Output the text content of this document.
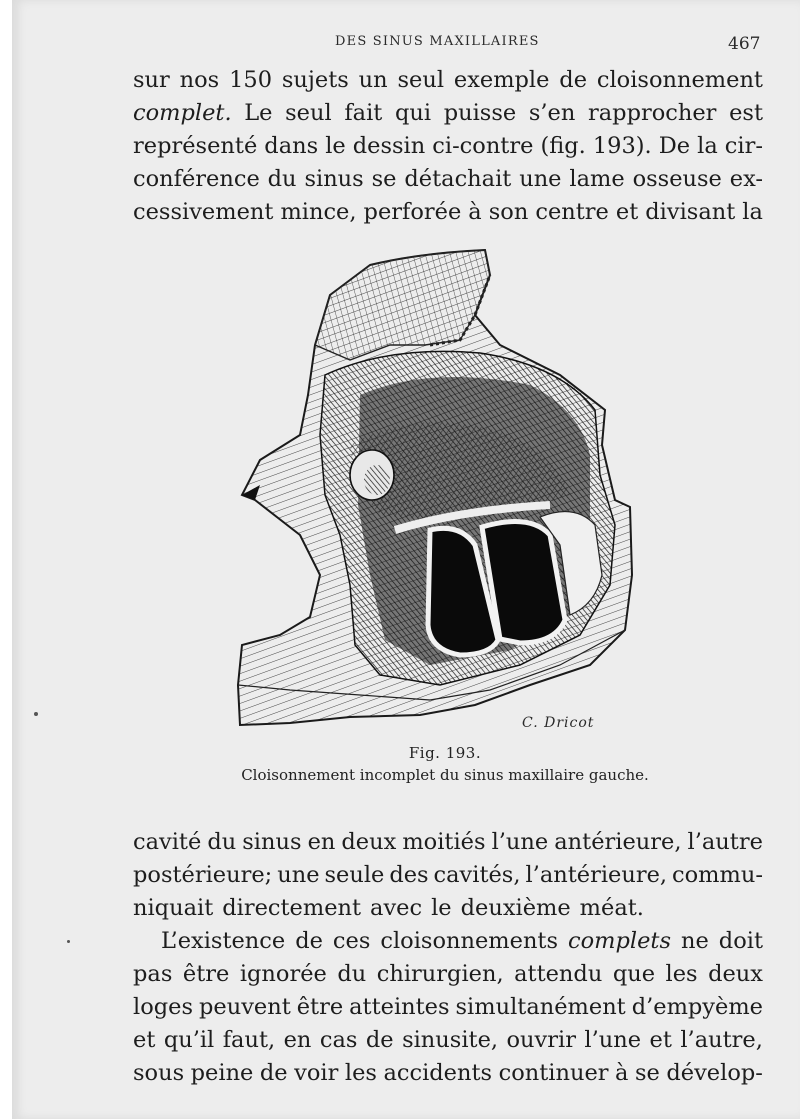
DES SINUS MAXILLAIRES	467
sur nos 150 sujets un seul exemple de cloisonnement
complet. Le seul fait qui puisse s’en rapprocher est
représenté dans le dessin ci-contre (fig. 193). De la cir-
conférence du sinus se détachait une lame osseuse ex-
cessivement mince, perforée à son centre et divisant la
C. Dricot
Fig. 193.
Cloisonnement incomplet du sinus maxillaire gauche.
cavité du sinus en deux moitiés l’une antérieure, l’autre
postérieure; une seule des cavités, l’antérieure, commu-
niquait directement avec le deuxième méat.
L’existence de ces cloisonnements complets ne doit
pas être ignorée du chirurgien, attendu que les deux
loges peuvent être atteintes simultanément d’empyème
et qu’il faut, en cas de sinusite, ouvrir l’une et l’autre,
sous peine de voir les accidents continuer à se dévelop-
